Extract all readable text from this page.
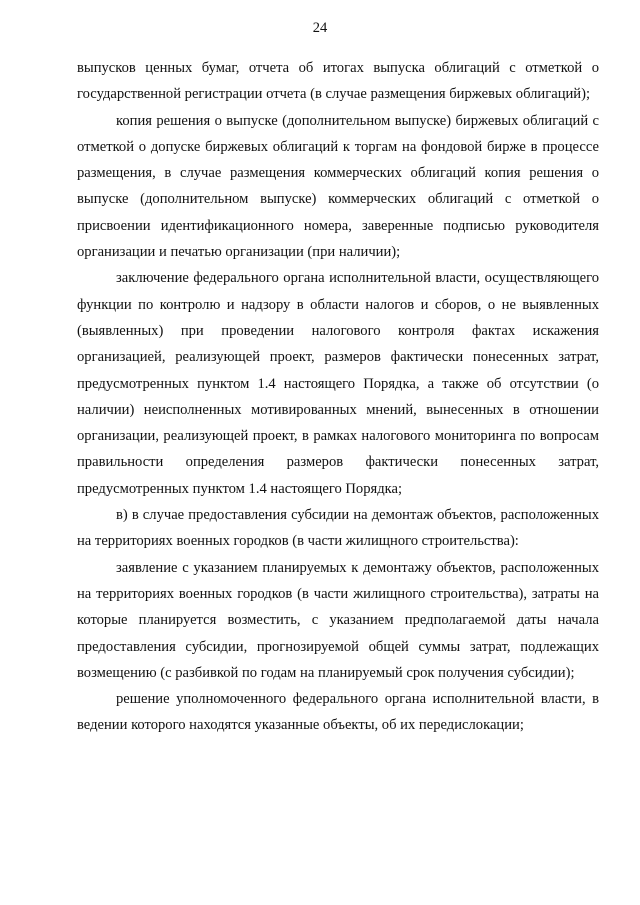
24

выпусков ценных бумаг, отчета об итогах выпуска облигаций с отметкой о государственной регистрации отчета (в случае размещения биржевых облигаций);

копия решения о выпуске (дополнительном выпуске) биржевых облигаций с отметкой о допуске биржевых облигаций к торгам на фондовой бирже в процессе размещения, в случае размещения коммерческих облигаций копия решения о выпуске (дополнительном выпуске) коммерческих облигаций с отметкой о присвоении идентификационного номера, заверенные подписью руководителя организации и печатью организации (при наличии);

заключение федерального органа исполнительной власти, осуществляющего функции по контролю и надзору в области налогов и сборов, о не выявленных (выявленных) при проведении налогового контроля фактах искажения организацией, реализующей проект, размеров фактически понесенных затрат, предусмотренных пунктом 1.4 настоящего Порядка, а также об отсутствии (о наличии) неисполненных мотивированных мнений, вынесенных в отношении организации, реализующей проект, в рамках налогового мониторинга по вопросам правильности определения размеров фактически понесенных затрат, предусмотренных пунктом 1.4 настоящего Порядка;

в) в случае предоставления субсидии на демонтаж объектов, расположенных на территориях военных городков (в части жилищного строительства):

заявление с указанием планируемых к демонтажу объектов, расположенных на территориях военных городков (в части жилищного строительства), затраты на которые планируется возместить, с указанием предполагаемой даты начала предоставления субсидии, прогнозируемой общей суммы затрат, подлежащих возмещению (с разбивкой по годам на планируемый срок получения субсидии);

решение уполномоченного федерального органа исполнительной власти, в ведении которого находятся указанные объекты, об их передислокации;
